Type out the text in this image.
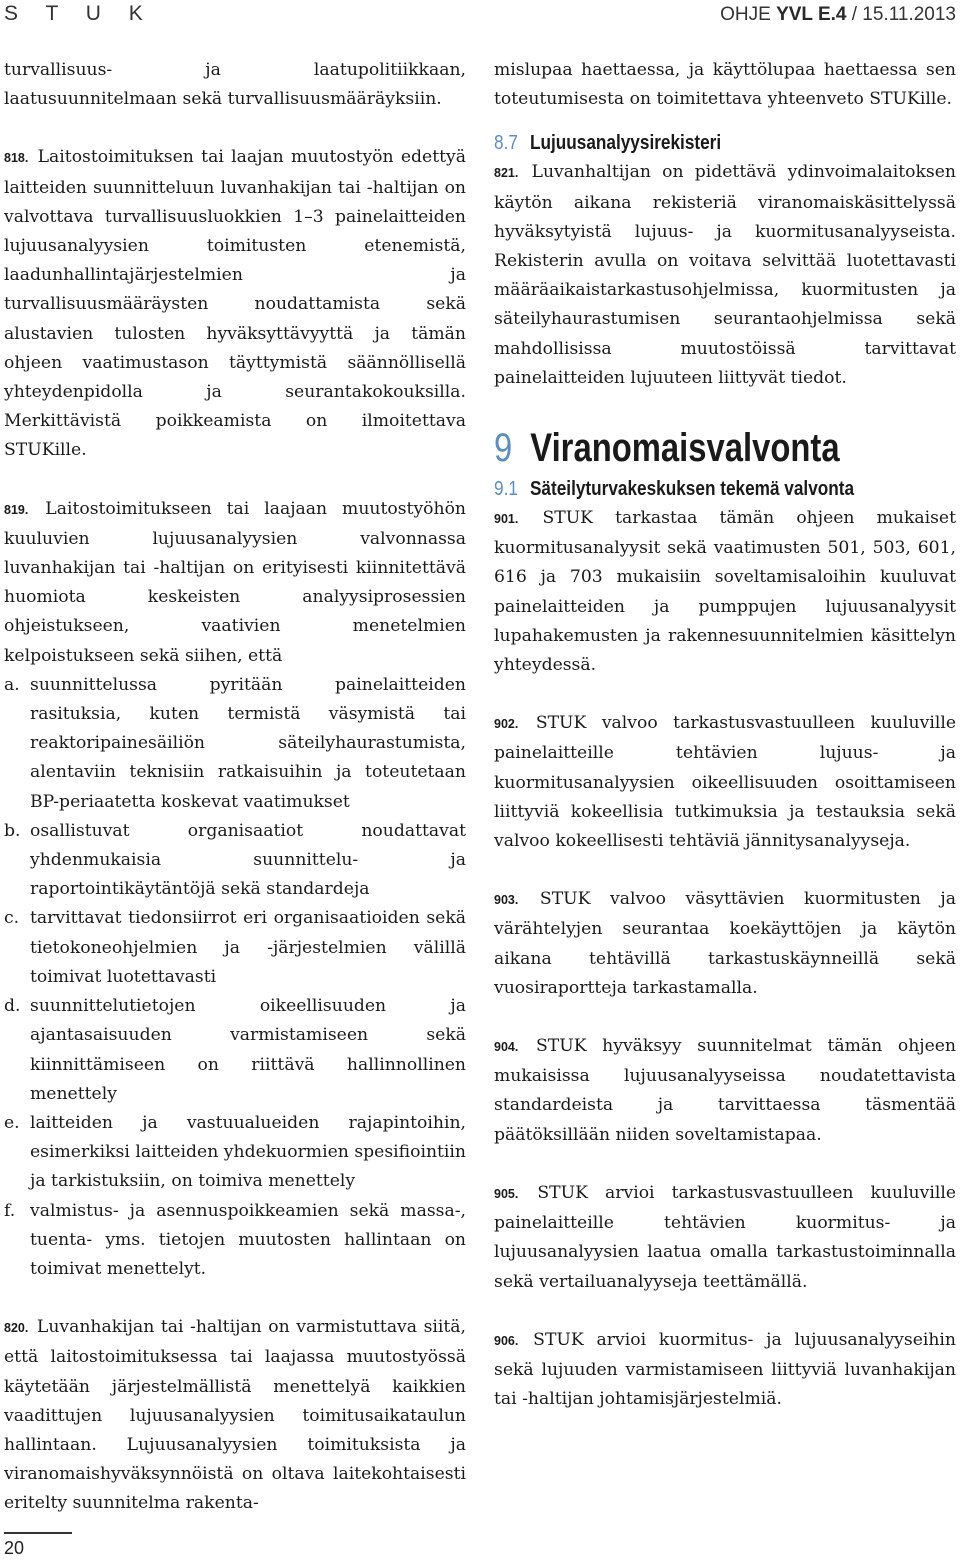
S T U K	OHJE YVL E.4 / 15.11.2013

turvallisuus- ja laatupolitiikkaan, laatusuunnitelmaan sekä turvallisuusmääräyksiin.

818. Laitostoimituksen tai laajan muutostyön edettyä laitteiden suunnitteluun luvanhakijan tai -haltijan on valvottava turvallisuusluokkien 1–3 painelaitteiden lujuusanalyysien toimitusten etenemistä, laadunhallintajärjestelmien ja turvallisuusmääräysten noudattamista sekä alustavien tulosten hyväksyttävyyttä ja tämän ohjeen vaatimustason täyttymistä säännöllisellä yhteydenpidolla ja seurantakokouksilla. Merkittävistä poikkeamista on ilmoitettava STUKille.

819. Laitostoimitukseen tai laajaan muutostyöhön kuuluvien lujuusanalyysien valvonnassa luvanhakijan tai -haltijan on erityisesti kiinnitettävä huomiota keskeisten analyysiprosessien ohjeistukseen, vaativien menetelmien kelpoistukseen sekä siihen, että

a. suunnittelussa pyritään painelaitteiden rasituksia, kuten termistä väsymistä tai reaktoripainesäiliön säteilyhaurastumista, alentaviin teknisiin ratkaisuihin ja toteutetaan BP-periaatetta koskevat vaatimukset
b. osallistuvat organisaatiot noudattavat yhdenmukaisia suunnittelu- ja raportointikäytäntöjä sekä standardeja
c. tarvittavat tiedonsiirrot eri organisaatioiden sekä tietokoneohjelmien ja -järjestelmien välillä toimivat luotettavasti
d. suunnittelutietojen oikeellisuuden ja ajantasaisuuden varmistamiseen sekä kiinnittämiseen on riittävä hallinnollinen menettely
e. laitteiden ja vastuualueiden rajapintoihin, esimerkiksi laitteiden yhdekuormien spesifiointiin ja tarkistuksiin, on toimiva menettely
f. valmistus- ja asennuspoikkeamien sekä massa-, tuenta- yms. tietojen muutosten hallintaan on toimivat menettelyt.

820. Luvanhakijan tai -haltijan on varmistuttava siitä, että laitostoimituksessa tai laajassa muutostyössä käytetään järjestelmällistä menettelyä kaikkien vaadittujen lujuusanalyysien toimitusaikataulun hallintaan. Lujuusanalyysien toimituksista ja viranomaishyväksynnöistä on oltava laitekohtaisesti eritelty suunnitelma rakenta-

mislupaa haettaessa, ja käyttölupaa haettaessa sen toteutumisesta on toimitettava yhteenveto STUKille.

8.7 Lujuusanalyysirekisteri

821. Luvanhaltijan on pidettävä ydinvoimalaitoksen käytön aikana rekisteriä viranomaiskäsittelyssä hyväksytyistä lujuus- ja kuormitusanalyyseista. Rekisterin avulla on voitava selvittää luotettavasti määräaikaistarkastusohjelmissa, kuormitusten ja säteilyhaurastumisen seurantaohjelmissa sekä mahdollisissa muutostöissä tarvittavat painelaitteiden lujuuteen liittyvät tiedot.

9 Viranomaisvalvonta
9.1 Säteilyturvakeskuksen tekemä valvonta

901. STUK tarkastaa tämän ohjeen mukaiset kuormitusanalyysit sekä vaatimusten 501, 503, 601, 616 ja 703 mukaisiin soveltamisaloihin kuuluvat painelaitteiden ja pumppujen lujuusanalyysit lupahakemusten ja rakennesuunnitelmien käsittelyn yhteydessä.

902. STUK valvoo tarkastusvastuulleen kuuluville painelaitteille tehtävien lujuus- ja kuormitusanalyysien oikeellisuuden osoittamiseen liittyviä kokeellisia tutkimuksia ja testauksia sekä valvoo kokeellisesti tehtäviä jännitysanalyyseja.

903. STUK valvoo väsyttävien kuormitusten ja värähtelyjen seurantaa koekäyttöjen ja käytön aikana tehtävillä tarkastuskäynneillä sekä vuosiraportteja tarkastamalla.

904. STUK hyväksyy suunnitelmat tämän ohjeen mukaisissa lujuusanalyyseissa noudatettavista standardeista ja tarvittaessa täsmentää päätöksillään niiden soveltamistapaa.

905. STUK arvioi tarkastusvastuulleen kuuluville painelaitteille tehtävien kuormitus- ja lujuusanalyysien laatua omalla tarkastustoiminnalla sekä vertailuanalyyseja teettämällä.

906. STUK arvioi kuormitus- ja lujuusanalyyseihin sekä lujuuden varmistamiseen liittyviä luvanhakijan tai -haltijan johtamisjärjestelmiä.

20
